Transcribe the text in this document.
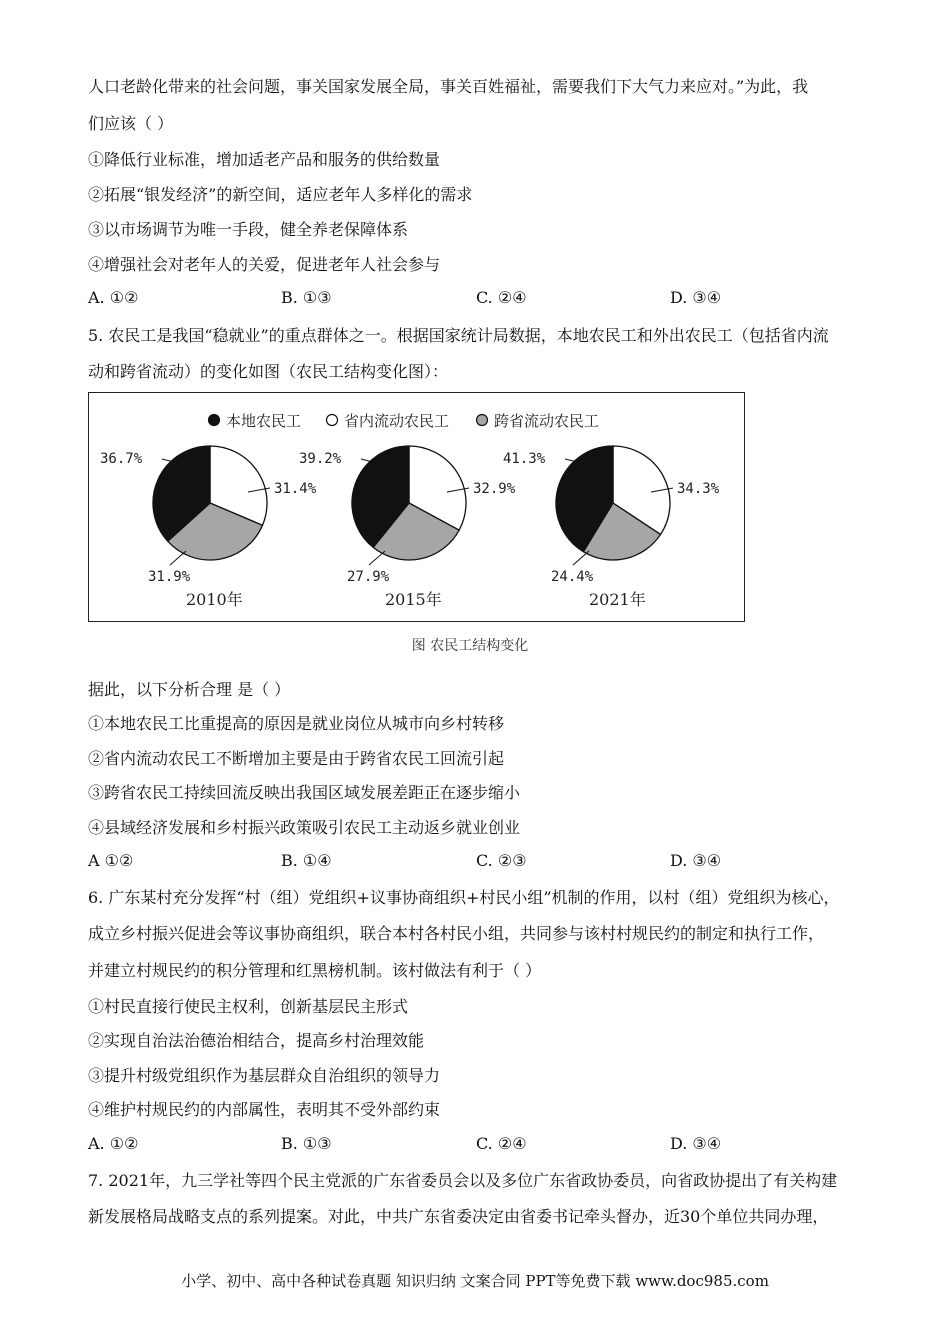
人口老龄化带来的社会问题，事关国家发展全局，事关百姓福祉，需要我们下大气力来应对。”为此，我
们应该（ ）
①降低行业标准，增加适老产品和服务的供给数量
②拓展“银发经济”的新空间，适应老年人多样化的需求
③以市场调节为唯一手段，健全养老保障体系
④增强社会对老年人的关爱，促进老年人社会参与
A. ①②	B. ①③	C. ②④	D. ③④
5. 农民工是我国“稳就业”的重点群体之一。根据国家统计局数据，本地农民工和外出农民工（包括省内流
动和跨省流动）的变化如图（农民工结构变化图）：
本地农民工	省内流动农民工	跨省流动农民工
36.7%
31.4%
31.9%
2010年
39.2%
32.9%
27.9%
2015年
41.3%
34.3%
24.4%
2021年
图 农民工结构变化
据此，以下分析合理 是（ ）
①本地农民工比重提高的原因是就业岗位从城市向乡村转移
②省内流动农民工不断增加主要是由于跨省农民工回流引起
③跨省农民工持续回流反映出我国区域发展差距正在逐步缩小
④县域经济发展和乡村振兴政策吸引农民工主动返乡就业创业
A ①②	B. ①④	C. ②③	D. ③④
6. 广东某村充分发挥“村（组）党组织+议事协商组织+村民小组”机制的作用，以村（组）党组织为核心，
成立乡村振兴促进会等议事协商组织，联合本村各村民小组，共同参与该村村规民约的制定和执行工作，
并建立村规民约的积分管理和红黑榜机制。该村做法有利于（ ）
①村民直接行使民主权利，创新基层民主形式
②实现自治法治德治相结合，提高乡村治理效能
③提升村级党组织作为基层群众自治组织的领导力
④维护村规民约的内部属性，表明其不受外部约束
A. ①②	B. ①③	C. ②④	D. ③④
7. 2021年，九三学社等四个民主党派的广东省委员会以及多位广东省政协委员，向省政协提出了有关构建
新发展格局战略支点的系列提案。对此，中共广东省委决定由省委书记牵头督办，近30个单位共同办理，
小学、初中、高中各种试卷真题 知识归纳 文案合同 PPT等免费下载 www.doc985.com
